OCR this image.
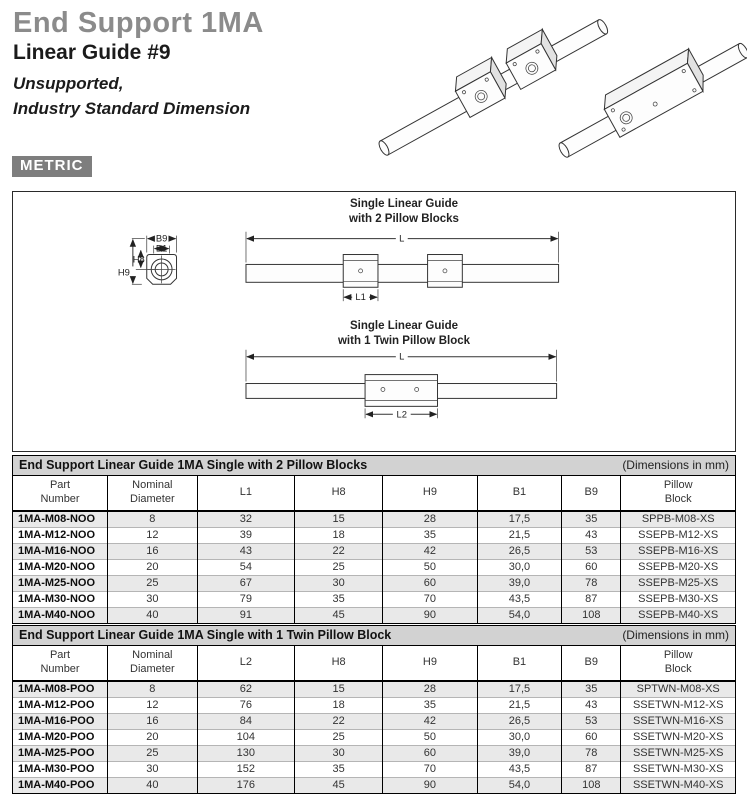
End Support 1MA
Linear Guide #9
Unsupported,
Industry Standard Dimension
METRIC
Single Linear Guide
with 2 Pillow Blocks
Single Linear Guide
with 1 Twin Pillow Block
B9
B1
H8
H9
L
L1
L
L2
End Support Linear Guide 1MA Single with 2 Pillow Blocks	(Dimensions in mm)
Part
Number	Nominal
Diameter	L1	H8	H9	B1	B9	Pillow
Block
1MA-M08-NOO	8	32	15	28	17,5	35	SPPB-M08-XS
1MA-M12-NOO	12	39	18	35	21,5	43	SSEPB-M12-XS
1MA-M16-NOO	16	43	22	42	26,5	53	SSEPB-M16-XS
1MA-M20-NOO	20	54	25	50	30,0	60	SSEPB-M20-XS
1MA-M25-NOO	25	67	30	60	39,0	78	SSEPB-M25-XS
1MA-M30-NOO	30	79	35	70	43,5	87	SSEPB-M30-XS
1MA-M40-NOO	40	91	45	90	54,0	108	SSEPB-M40-XS
End Support Linear Guide 1MA Single with 1 Twin Pillow Block	(Dimensions in mm)
Part
Number	Nominal
Diameter	L2	H8	H9	B1	B9	Pillow
Block
1MA-M08-POO	8	62	15	28	17,5	35	SPTWN-M08-XS
1MA-M12-POO	12	76	18	35	21,5	43	SSETWN-M12-XS
1MA-M16-POO	16	84	22	42	26,5	53	SSETWN-M16-XS
1MA-M20-POO	20	104	25	50	30,0	60	SSETWN-M20-XS
1MA-M25-POO	25	130	30	60	39,0	78	SSETWN-M25-XS
1MA-M30-POO	30	152	35	70	43,5	87	SSETWN-M30-XS
1MA-M40-POO	40	176	45	90	54,0	108	SSETWN-M40-XS
